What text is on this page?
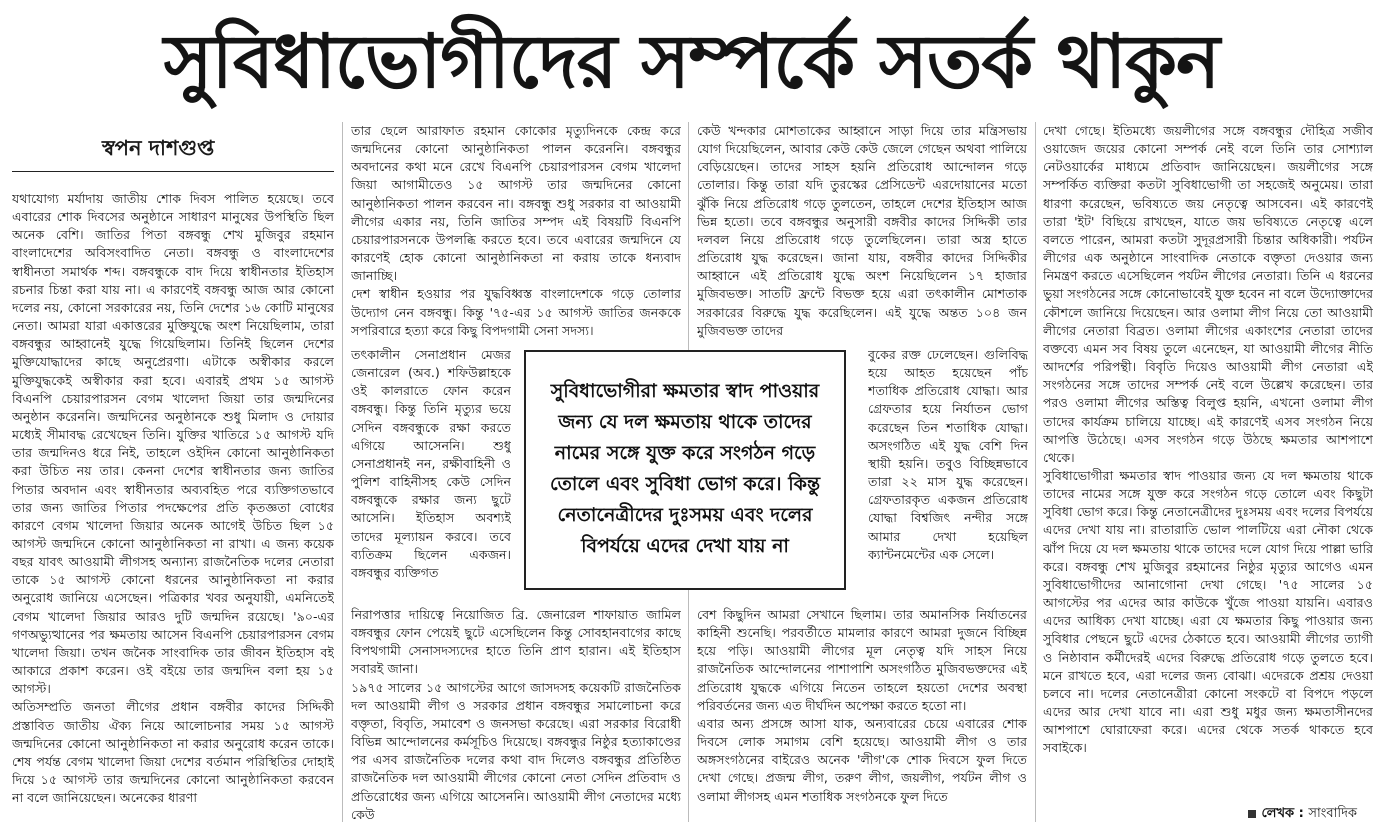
সুবিধাভোগীদের সম্পর্কে সতর্ক থাকুন
স্বপন দাশগুপ্ত

যথাযোগ্য মর্যাদায় জাতীয় শোক দিবস পালিত হয়েছে। তবে এবারের শোক দিবসের অনুষ্ঠানে সাধারণ মানুষের উপস্থিতি ছিল অনেক বেশি। জাতির পিতা বঙ্গবন্ধু শেখ মুজিবুর রহমান বাংলাদেশের অবিসংবাদিত নেতা। বঙ্গবন্ধু ও বাংলাদেশের স্বাধীনতা সমার্থক শব্দ। বঙ্গবন্ধুকে বাদ দিয়ে স্বাধীনতার ইতিহাস রচনার চিন্তা করা যায় না। এ কারণেই বঙ্গবন্ধু আজ আর কোনো দলের নয়, কোনো সরকারের নয়, তিনি দেশের ১৬ কোটি মানুষের নেতা। আমরা যারা একাত্তরের মুক্তিযুদ্ধে অংশ নিয়েছিলাম, তারা বঙ্গবন্ধুর আহ্বানেই যুদ্ধে গিয়েছিলাম। তিনিই ছিলেন দেশের মুক্তিযোদ্ধাদের কাছে অনুপ্রেরণা। এটাকে অস্বীকার করলে মুক্তিযুদ্ধকেই অস্বীকার করা হবে। এবারই প্রথম ১৫ আগস্ট বিএনপি চেয়ারপারসন বেগম খালেদা জিয়া তার জন্মদিনের অনুষ্ঠান করেননি। জন্মদিনের অনুষ্ঠানকে শুধু মিলাদ ও দোয়ার মধ্যেই সীমাবদ্ধ রেখেছেন তিনি। যুক্তির খাতিরে ১৫ আগস্ট যদি তার জন্মদিনও ধরে নিই, তাহলে ওইদিন কোনো আনুষ্ঠানিকতা করা উচিত নয় তার। কেননা দেশের স্বাধীনতার জন্য জাতির পিতার অবদান এবং স্বাধীনতার অব্যবহিত পরে ব্যক্তিগতভাবে তার জন্য জাতির পিতার পদক্ষেপের প্রতি কৃতজ্ঞতা বোধের কারণে বেগম খালেদা জিয়ার অনেক আগেই উচিত ছিল ১৫ আগস্ট জন্মদিনে কোনো আনুষ্ঠানিকতা না রাখা। এ জন্য কয়েক বছর যাবৎ আওয়ামী লীগসহ অন্যান্য রাজনৈতিক দলের নেতারা তাকে ১৫ আগস্ট কোনো ধরনের আনুষ্ঠানিকতা না করার অনুরোধ জানিয়ে এসেছেন। পত্রিকার খবর অনুযায়ী, এমনিতেই বেগম খালেদা জিয়ার আরও দুটি জন্মদিন রয়েছে। '৯০-এর গণঅভ্যুত্থানের পর ক্ষমতায় আসেন বিএনপি চেয়ারপারসন বেগম খালেদা জিয়া। তখন জনৈক সাংবাদিক তার জীবন ইতিহাস বই আকারে প্রকাশ করেন। ওই বইয়ে তার জন্মদিন বলা হয় ১৫ আগস্ট।

অতিসম্প্রতি জনতা লীগের প্রধান বঙ্গবীর কাদের সিদ্দিকী প্রস্তাবিত জাতীয় ঐক্য নিয়ে আলোচনার সময় ১৫ আগস্ট জন্মদিনের কোনো আনুষ্ঠানিকতা না করার অনুরোধ করেন তাকে। শেষ পর্যন্ত বেগম খালেদা জিয়া দেশের বর্তমান পরিস্থিতির দোহাই দিয়ে ১৫ আগস্ট তার জন্মদিনের কোনো আনুষ্ঠানিকতা করবেন না বলে জানিয়েছেন। অনেকের ধারণা

তার ছেলে আরাফাত রহমান কোকোর মৃত্যুদিনকে কেন্দ্র করে জন্মদিনের কোনো আনুষ্ঠানিকতা পালন করেননি। বঙ্গবন্ধুর অবদানের কথা মনে রেখে বিএনপি চেয়ারপারসন বেগম খালেদা জিয়া আগামীতেও ১৫ আগস্ট তার জন্মদিনের কোনো আনুষ্ঠানিকতা পালন করবেন না। বঙ্গবন্ধু শুধু সরকার বা আওয়ামী লীগের একার নয়, তিনি জাতির সম্পদ এই বিষয়টি বিএনপি চেয়ারপারসনকে উপলব্ধি করতে হবে। তবে এবারের জন্মদিনে যে কারণেই হোক কোনো আনুষ্ঠানিকতা না করায় তাকে ধন্যবাদ জানাচ্ছি।

দেশ স্বাধীন হওয়ার পর যুদ্ধবিধ্বস্ত বাংলাদেশকে গড়ে তোলার উদ্যোগ নেন বঙ্গবন্ধু। কিন্তু '৭৫-এর ১৫ আগস্ট জাতির জনককে সপরিবারে হত্যা করে কিছু বিপদগামী সেনা সদস্য।

তৎকালীন সেনাপ্রধান মেজর জেনারেল (অব.) শফিউল্লাহকে ওই কালরাতে ফোন করেন বঙ্গবন্ধু। কিন্তু তিনি মৃত্যুর ভয়ে সেদিন বঙ্গবন্ধুকে রক্ষা করতে এগিয়ে আসেননি। শুধু সেনাপ্রধানই নন, রক্ষীবাহিনী ও পুলিশ বাহিনীসহ কেউ সেদিন বঙ্গবন্ধুকে রক্ষার জন্য ছুটে আসেনি। ইতিহাস অবশ্যই তাদের মূল্যায়ন করবে। তবে ব্যতিক্রম ছিলেন একজন। বঙ্গবন্ধুর ব্যক্তিগত

নিরাপত্তার দায়িত্বে নিয়োজিত ব্রি. জেনারেল শাফায়াত জামিল বঙ্গবন্ধুর ফোন পেয়েই ছুটে এসেছিলেন কিন্তু সোবহানবাগের কাছে বিপথগামী সেনাসদস্যদের হাতে তিনি প্রাণ হারান। এই ইতিহাস সবারই জানা।

১৯৭৫ সালের ১৫ আগস্টের আগে জাসদসহ কয়েকটি রাজনৈতিক দল আওয়ামী লীগ ও সরকার প্রধান বঙ্গবন্ধুর সমালোচনা করে বক্তৃতা, বিবৃতি, সমাবেশ ও জনসভা করেছে। এরা সরকার বিরোধী বিভিন্ন আন্দোলনের কর্মসূচিও দিয়েছে। বঙ্গবন্ধুর নিষ্ঠুর হত্যাকাণ্ডের পর এসব রাজনৈতিক দলের কথা বাদ দিলেও বঙ্গবন্ধুর প্রতিষ্ঠিত রাজনৈতিক দল আওয়ামী লীগের কোনো নেতা সেদিন প্রতিবাদ ও প্রতিরোধের জন্য এগিয়ে আসেননি। আওয়ামী লীগ নেতাদের মধ্যে কেউ

কেউ খন্দকার মোশতাকের আহ্বানে সাড়া দিয়ে তার মন্ত্রিসভায় যোগ দিয়েছিলেন, আবার কেউ কেউ জেলে গেছেন অথবা পালিয়ে বেড়িয়েছেন। তাদের সাহস হয়নি প্রতিরোধ আন্দোলন গড়ে তোলার। কিন্তু তারা যদি তুরস্কের প্রেসিডেন্ট এরদোয়ানের মতো ঝুঁকি নিয়ে প্রতিরোধ গড়ে তুলতেন, তাহলে দেশের ইতিহাস আজ ভিন্ন হতো। তবে বঙ্গবন্ধুর অনুসারী বঙ্গবীর কাদের সিদ্দিকী তার দলবল নিয়ে প্রতিরোধ গড়ে তুলেছিলেন। তারা অস্ত্র হাতে প্রতিরোধ যুদ্ধ করেছেন। জানা যায়, বঙ্গবীর কাদের সিদ্দিকীর আহ্বানে এই প্রতিরোধ যুদ্ধে অংশ নিয়েছিলেন ১৭ হাজার মুজিবভক্ত। সাতটি ফ্রন্টে বিভক্ত হয়ে এরা তৎকালীন মোশতাক সরকারের বিরুদ্ধে যুদ্ধ করেছিলেন। এই যুদ্ধে অন্তত ১০৪ জন মুজিবভক্ত তাদের

বুকের রক্ত ঢেলেছেন। গুলিবিদ্ধ হয়ে আহত হয়েছেন পাঁচ শতাধিক প্রতিরোধ যোদ্ধা। আর গ্রেফতার হয়ে নির্যাতন ভোগ করেছেন তিন শতাধিক যোদ্ধা। অসংগঠিত এই যুদ্ধ বেশি দিন স্থায়ী হয়নি। তবুও বিচ্ছিন্নভাবে তারা ২২ মাস যুদ্ধ করেছেন। গ্রেফতারকৃত একজন প্রতিরোধ যোদ্ধা বিশ্বজিৎ নন্দীর সঙ্গে আমার দেখা হয়েছিল ক্যান্টনমেন্টের এক সেলে।

বেশ কিছুদিন আমরা সেখানে ছিলাম। তার অমানসিক নির্যাতনের কাহিনী শুনেছি। পরবর্তীতে মামলার কারণে আমরা দুজনে বিচ্ছিন্ন হয়ে পড়ি। আওয়ামী লীগের মূল নেতৃত্ব যদি সাহস নিয়ে রাজনৈতিক আন্দোলনের পাশাপাশি অসংগঠিত মুজিবভক্তদের এই প্রতিরোধ যুদ্ধকে এগিয়ে নিতেন তাহলে হয়তো দেশের অবস্থা পরিবর্তনের জন্য এত দীর্ঘদিন অপেক্ষা করতে হতো না।

এবার অন্য প্রসঙ্গে আসা যাক, অন্যবারের চেয়ে এবারের শোক দিবসে লোক সমাগম বেশি হয়েছে। আওয়ামী লীগ ও তার অঙ্গসংগঠনের বাইরেও অনেক 'লীগ'কে শোক দিবসে ফুল দিতে দেখা গেছে। প্রজন্ম লীগ, তরুণ লীগ, জয়লীগ, পর্যটন লীগ ও ওলামা লীগসহ এমন শতাধিক সংগঠনকে ফুল দিতে

দেখা গেছে। ইতিমধ্যে জয়লীগের সঙ্গে বঙ্গবন্ধুর দৌহিত্র সজীব ওয়াজেদ জয়ের কোনো সম্পর্ক নেই বলে তিনি তার সোশ্যাল নেটওয়ার্কের মাধ্যমে প্রতিবাদ জানিয়েছেন। জয়লীগের সঙ্গে সম্পর্কিত ব্যক্তিরা কতটা সুবিধাভোগী তা সহজেই অনুমেয়। তারা ধারণা করেছেন, ভবিষ্যতে জয় নেতৃত্বে আসবেন। এই কারণেই তারা 'ইট' বিছিয়ে রাখছেন, যাতে জয় ভবিষ্যতে নেতৃত্বে এলে বলতে পারেন, আমরা কতটা সুদূরপ্রসারী চিন্তার অধিকারী। পর্যটন লীগের এক অনুষ্ঠানে সাংবাদিক নেতাকে বক্তৃতা দেওয়ার জন্য নিমন্ত্রণ করতে এসেছিলেন পর্যটন লীগের নেতারা। তিনি এ ধরনের ভুয়া সংগঠনের সঙ্গে কোনোভাবেই যুক্ত হবেন না বলে উদ্যোক্তাদের কৌশলে জানিয়ে দিয়েছেন। আর ওলামা লীগ নিয়ে তো আওয়ামী লীগের নেতারা বিব্রত। ওলামা লীগের একাংশের নেতারা তাদের বক্তব্যে এমন সব বিষয় তুলে এনেছেন, যা আওয়ামী লীগের নীতি আদর্শের পরিপন্থী। বিবৃতি দিয়েও আওয়ামী লীগ নেতারা এই সংগঠনের সঙ্গে তাদের সম্পর্ক নেই বলে উল্লেখ করেছেন। তার পরও ওলামা লীগের অস্তিত্ব বিলুপ্ত হয়নি, এখনো ওলামা লীগ তাদের কার্যক্রম চালিয়ে যাচ্ছে। এই কারণেই এসব সংগঠন নিয়ে আপত্তি উঠেছে। এসব সংগঠন গড়ে উঠছে ক্ষমতার আশপাশে থেকে।

সুবিধাভোগীরা ক্ষমতার স্বাদ পাওয়ার জন্য যে দল ক্ষমতায় থাকে তাদের নামের সঙ্গে যুক্ত করে সংগঠন গড়ে তোলে এবং কিছুটা সুবিধা ভোগ করে। কিন্তু নেতানেত্রীদের দুঃসময় এবং দলের বিপর্যয়ে এদের দেখা যায় না। রাতারাতি ভোল পালটিয়ে এরা নৌকা থেকে ঝাঁপ দিয়ে যে দল ক্ষমতায় থাকে তাদের দলে যোগ দিয়ে পাল্লা ভারি করে। বঙ্গবন্ধু শেখ মুজিবুর রহমানের নিষ্ঠুর মৃত্যুর আগেও এমন সুবিধাভোগীদের আনাগোনা দেখা গেছে। '৭৫ সালের ১৫ আগস্টের পর এদের আর কাউকে খুঁজে পাওয়া যায়নি। এবারও এদের আধিক্য দেখা যাচ্ছে। এরা যে ক্ষমতার কিছু পাওয়ার জন্য সুবিধার পেছনে ছুটে এদের ঠেকাতে হবে। আওয়ামী লীগের ত্যাগী ও নিষ্ঠাবান কর্মীদেরই এদের বিরুদ্ধে প্রতিরোধ গড়ে তুলতে হবে। মনে রাখতে হবে, এরা দলের জন্য বোঝা। এদেরকে প্রশ্রয় দেওয়া চলবে না। দলের নেতানেত্রীরা কোনো সংকটে বা বিপদে পড়লে এদের আর দেখা যাবে না। এরা শুধু মধুর জন্য ক্ষমতাসীনদের আশপাশে ঘোরাফেরা করে। এদের থেকে সতর্ক থাকতে হবে সবাইকে।

সুবিধাভোগীরা ক্ষমতার স্বাদ পাওয়ার জন্য যে দল ক্ষমতায় থাকে তাদের নামের সঙ্গে যুক্ত করে সংগঠন গড়ে তোলে এবং সুবিধা ভোগ করে। কিন্তু নেতানেত্রীদের দুঃসময় এবং দলের বিপর্যয়ে এদের দেখা যায় না
লেখক : সাংবাদিক
